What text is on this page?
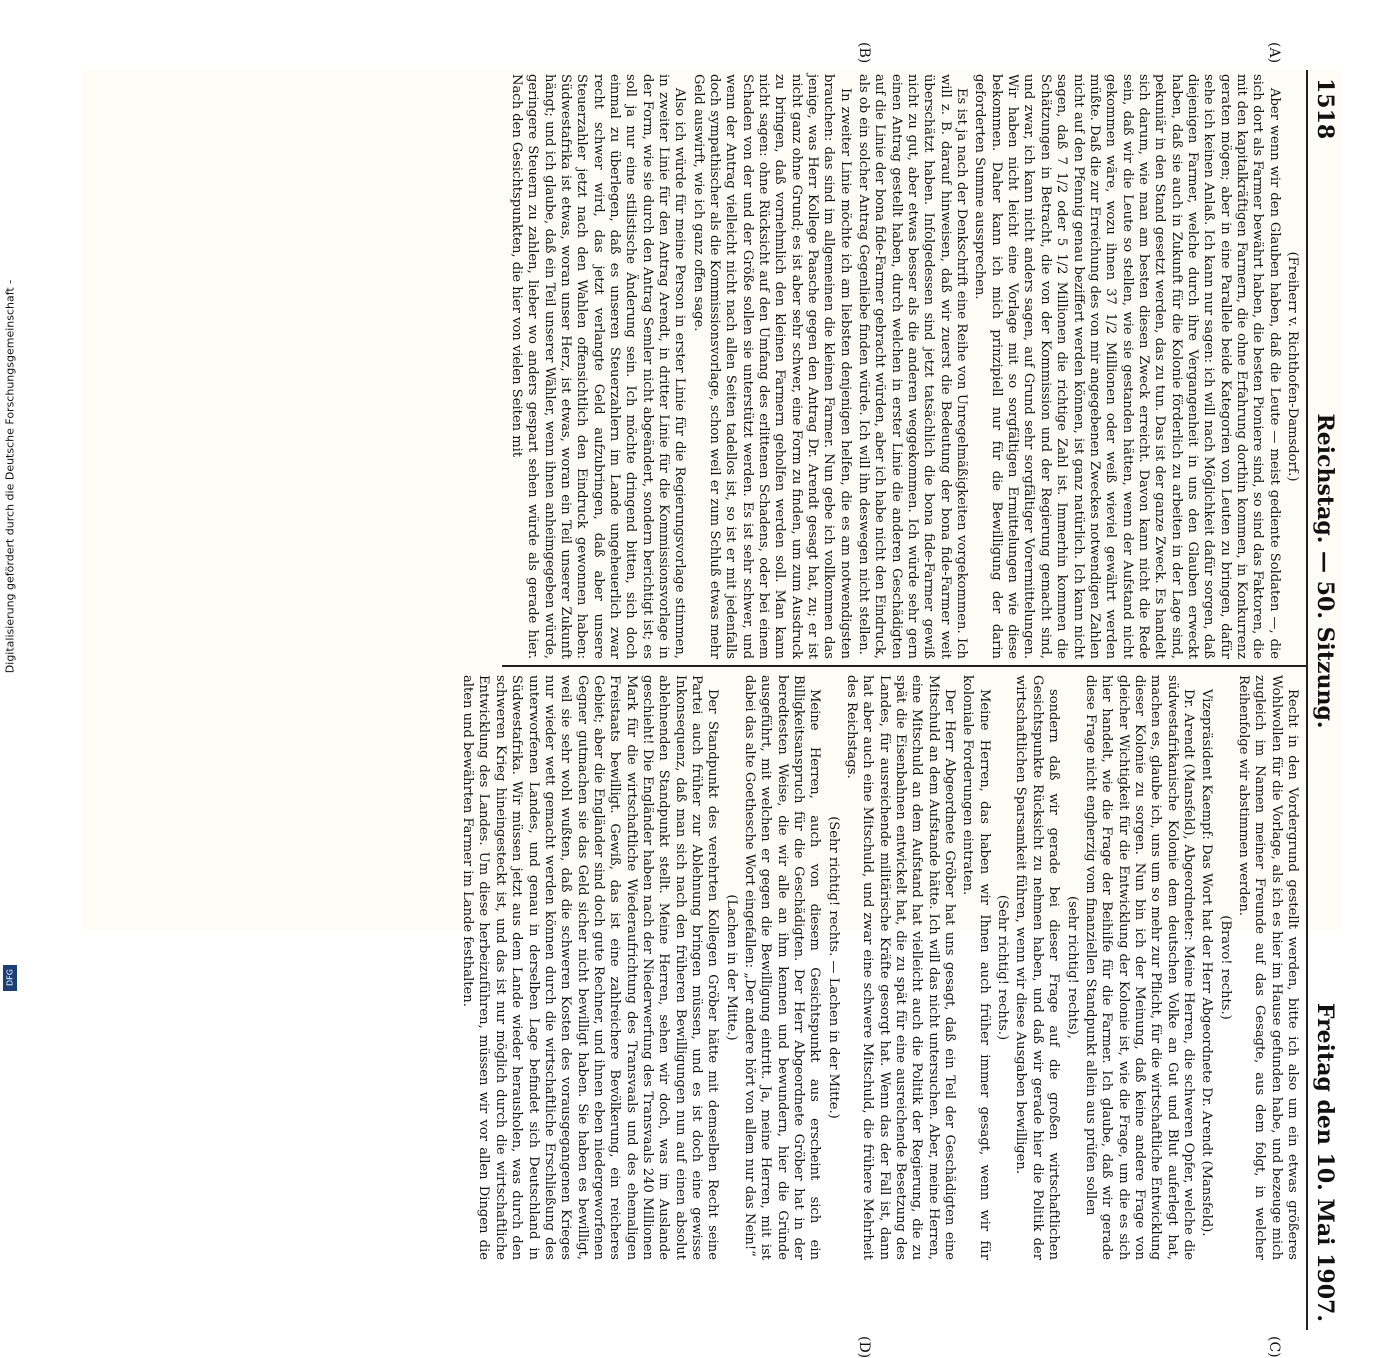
Digitalisierung gefördert durch die Deutsche Forschungsgemeinschaft -
DFG
1518
Reichstag. — 50. Sitzung.
Freitag den 10. Mai 1907.
(A)
(B)
(C)
(D)

(Freiherr v. Richthofen-Damsdorf.)

Aber wenn wir den Glauben haben, daß die Leute — meist gediente Soldaten —, die sich dort als Farmer bewährt haben, die besten Pioniere sind, so sind das Faktoren, die mit den kapitalkräftigen Farmern, die ohne Erfahrung dorthin kommen, in Konkurrenz geraten mögen; aber in eine Parallele beide Kategorien von Leuten zu bringen, dafür sehe ich keinen Anlaß. Ich kann nur sagen: ich will nach Möglichkeit dafür sorgen, daß diejenigen Farmer, welche durch ihre Vergangenheit in uns den Glauben erweckt haben, daß sie auch in Zukunft für die Kolonie förderlich zu arbeiten in der Lage sind, pekuniär in den Stand gesetzt werden, das zu tun. Das ist der ganze Zweck. Es handelt sich darum, wie man am besten diesen Zweck erreicht. Davon kann nicht die Rede sein, daß wir die Leute so stellen, wie sie gestanden hätten, wenn der Aufstand nicht gekommen wäre, wozu ihnen 37 1/2 Millionen oder weiß wieviel gewährt werden müßte. Daß die zur Erreichung des von mir angegebenen Zweckes notwendigen Zahlen nicht auf den Pfennig genau beziffert werden können, ist ganz natürlich. Ich kann nicht sagen, daß 7 1/2 oder 5 1/2 Millionen die richtige Zahl ist. Immerhin kommen die Schätzungen in Betracht, die von der Kommission und der Regierung gemacht sind, und zwar, ich kann nicht anders sagen, auf Grund sehr sorgfältiger Vorermittelungen. Wir haben nicht leicht eine Vorlage mit so sorgfältigen Ermittelungen wie diese bekommen. Daher kann ich mich prinzipiell nur für die Bewilligung der darin geforderten Summe aussprechen.

Es ist ja nach der Denkschrift eine Reihe von Unregelmäßigkeiten vorgekommen. Ich will z. B. darauf hinweisen, daß wir zuerst die Bedeutung der bona fide-Farmer weit überschätzt haben. Infolgedessen sind jetzt tatsächlich die bona fide-Farmer gewiß nicht zu gut, aber etwas besser als die anderen weggekommen. Ich würde sehr gern einen Antrag gestellt haben, durch welchen in erster Linie die anderen Geschädigten auf die Linie der bona fide-Farmer gebracht würden, aber ich habe nicht den Eindruck, als ob ein solcher Antrag Gegenliebe finden würde. Ich will ihn deswegen nicht stellen.

In zweiter Linie möchte ich am liebsten denjenigen helfen, die es am notwendigsten brauchen: das sind im allgemeinen die kleinen Farmer. Nun gebe ich vollkommen das jenige, was Herr Kollege Paasche gegen den Antrag Dr. Arendt gesagt hat, zu; er ist nicht ganz ohne Grund; es ist aber sehr schwer, eine Form zu finden, um zum Ausdruck zu bringen, daß vornehmlich den kleinen Farmern geholfen werden soll. Man kann nicht sagen: ohne Rücksicht auf den Umfang des erlittenen Schadens, oder bei einem Schaden von der und der Größe sollen sie unterstützt werden. Es ist sehr schwer, und wenn der Antrag vielleicht nicht nach allen Seiten tadellos ist, so ist er mit jedenfalls doch sympathischer als die Kommissionsvorlage, schon weil er zum Schluß etwas mehr Geld auswirft, wie ich ganz offen sage.

Also ich würde für meine Person in erster Linie für die Regierungsvorlage stimmen, in zweiter Linie für den Antrag Arendt, in dritter Linie für die Kommissionsvorlage in der Form, wie sie durch den Antrag Semler nicht abgeändert, sondern berichtigt ist; es soll ja nur eine stilistische Änderung sein. Ich möchte dringend bitten, sich doch einmal zu überlegen, daß es unseren Steuerzahlern im Lande ungeheuerlich zwar recht schwer wird, das jetzt verlangte Geld aufzubringen, daß aber unsere Steuerzahler jetzt nach den Wahlen offensichtlich den Eindruck gewonnen haben: Südwestafrika ist etwas, woran unser Herz, ist etwas, woran ein Teil unserer Zukunft hängt; und ich glaube, daß ein Teil unserer Wähler, wenn ihnen anheimgegeben würde, geringere Steuern zu zahlen, lieber wo anders gespart sehen würde als gerade hier. Nach den Gesichtspunkten, die hier von vielen Seiten mit

Recht in den Vordergrund gestellt werden, bitte ich also um ein etwas größeres Wohlwollen für die Vorlage, als ich es hier im Hause gefunden habe, und bezeuge mich zugleich im Namen meiner Freunde auf das Gesagte, aus dem folgt, in welcher Reihenfolge wir abstimmen werden.

(Bravo! rechts.)

Vizepräsident Kaempf: Das Wort hat der Herr Abgeordnete Dr. Arendt (Mansfeld).

Dr. Arendt (Mansfeld), Abgeordneter: Meine Herren, die schweren Opfer, welche die südwestafrikanische Kolonie dem deutschen Volke an Gut und Blut auferlegt hat, machen es, glaube ich, uns um so mehr zur Pflicht, für die wirtschaftliche Entwicklung dieser Kolonie zu sorgen. Nun bin ich der Meinung, daß keine andere Frage von gleicher Wichtigkeit für die Entwicklung der Kolonie ist, wie die Frage, um die es sich hier handelt, wie die Frage der Beihilfe für die Farmer. Ich glaube, daß wir gerade diese Frage nicht engherzig vom finanziellen Standpunkt allein aus prüfen sollen

(sehr richtig! rechts),

sondern daß wir gerade bei dieser Frage auf die großen wirtschaftlichen Gesichtspunkte Rücksicht zu nehmen haben, und daß wir gerade hier die Politik der wirtschaftlichen Sparsamkeit führen, wenn wir diese Ausgaben bewilligen.

(Sehr richtig! rechts.)

Meine Herren, das haben wir Ihnen auch früher immer gesagt, wenn wir für koloniale Forderungen eintraten.

Der Herr Abgeordnete Gröber hat uns gesagt, daß ein Teil der Geschädigten eine Mitschuld an dem Aufstande hätte. Ich will das nicht untersuchen. Aber, meine Herren, eine Mitschuld an dem Aufstand hat vielleicht auch die Politik der Regierung, die zu spät die Eisenbahnen entwickelt hat, die zu spät für eine ausreichende Besetzung des Landes, für ausreichende militärische Kräfte gesorgt hat. Wenn das der Fall ist, dann hat aber auch eine Mitschuld, und zwar eine schwere Mitschuld, die frühere Mehrheit des Reichstags.

(Sehr richtig! rechts. — Lachen in der Mitte.)

Meine Herren, auch von diesem Gesichtspunkt aus erscheint sich ein Billigkeitsanspruch für die Geschädigten. Der Herr Abgeordnete Gröber hat in der beredtesten Weise, die wir alle an ihm kennen und bewundern, hier die Gründe ausgeführt, mit welchen er gegen die Bewilligung eintritt. Ja, meine Herren, mit ist dabei das alte Goethesche Wort eingefallen: „Der andere hört von allem nur das Nein!“

(Lachen in der Mitte.)

Der Standpunkt des verehrten Kollegen Gröber hätte mit demselben Recht seine Partei auch früher zur Ablehnung bringen müssen, und es ist doch eine gewisse Inkonsequenz, daß man sich nach den früheren Bewilligungen nun auf einen absolut ablehnenden Standpunkt stellt. Meine Herren, sehen wir doch, was im Auslande geschieht! Die Engländer haben nach der Niederwerfung des Transvaals 240 Millionen Mark für die wirtschaftliche Wiederaufrichtung des Transvaals und des ehemaligen Freistaats bewilligt. Gewiß, das ist eine zahlreichere Bevölkerung, ein reicheres Gebiet; aber die Engländer sind doch gute Rechner, und ihnen eben niedergeworfenen Gegner gutmachen sie das Geld sicher nicht bewilligt haben. Sie haben es bewilligt, weil sie sehr wohl wußten, daß die schweren Kosten des vorausgegangenen Krieges nur wieder wett gemacht werden können durch die wirtschaftliche Erschließung des unterworfenen Landes, und genau in derselben Lage befindet sich Deutschland in Südwestafrika. Wir müssen jetzt aus dem Lande wieder herausholen, was durch den schweren Krieg hineingesteckt ist, und das ist nur möglich durch die wirtschaftliche Entwicklung des Landes. Um diese herbeizuführen, müssen wir vor allen Dingen die alten und bewährten Farmer im Lande festhalten.
